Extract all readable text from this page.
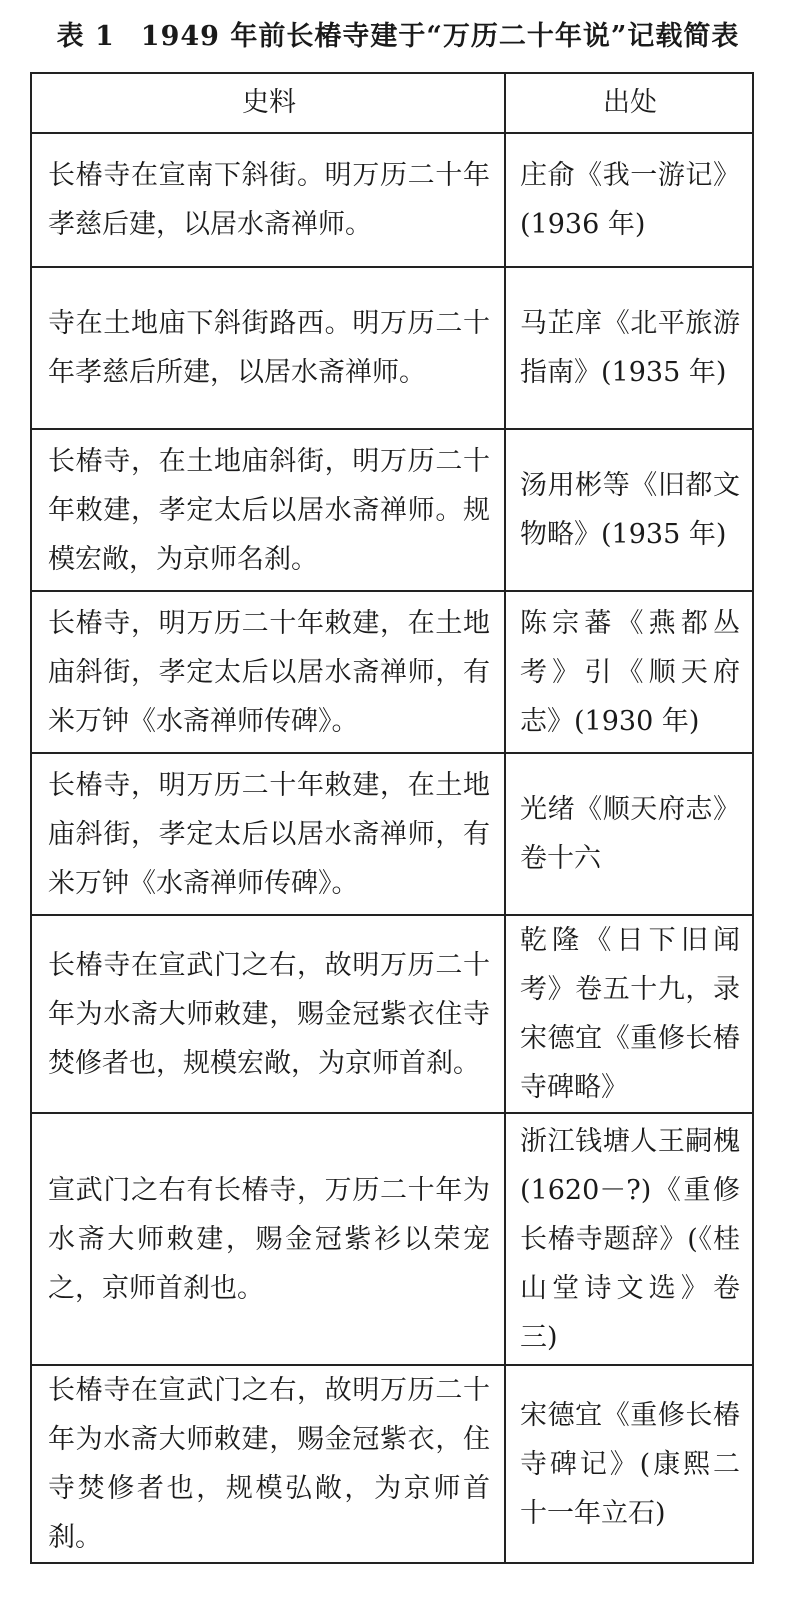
表 1 1949 年前长椿寺建于“万历二十年说”记载简表
史料	出处
长椿寺在宣南下斜街。明万历二十年孝慈后建，以居水斋禅师。	庄俞《我一游记》(1936 年)
寺在土地庙下斜街路西。明万历二十年孝慈后所建，以居水斋禅师。	马芷庠《北平旅游指南》(1935 年)
长椿寺，在土地庙斜街，明万历二十年敕建，孝定太后以居水斋禅师。规模宏敞，为京师名刹。	汤用彬等《旧都文物略》(1935 年)
长椿寺，明万历二十年敕建，在土地庙斜街，孝定太后以居水斋禅师，有米万钟《水斋禅师传碑》。	陈宗蕃《燕都丛考》引《顺天府志》(1930 年)
长椿寺，明万历二十年敕建，在土地庙斜街，孝定太后以居水斋禅师，有米万钟《水斋禅师传碑》。	光绪《顺天府志》卷十六
长椿寺在宣武门之右，故明万历二十年为水斋大师敕建，赐金冠紫衣住寺焚修者也，规模宏敞，为京师首刹。	乾隆《日下旧闻考》卷五十九，录宋德宜《重修长椿寺碑略》
宣武门之右有长椿寺，万历二十年为水斋大师敕建，赐金冠紫衫以荣宠之，京师首刹也。	浙江钱塘人王嗣槐(1620－?)《重修长椿寺题辞》(《桂山堂诗文选》卷三)
长椿寺在宣武门之右，故明万历二十年为水斋大师敕建，赐金冠紫衣，住寺焚修者也，规模弘敞，为京师首刹。	宋德宜《重修长椿寺碑记》(康熙二十一年立石)
